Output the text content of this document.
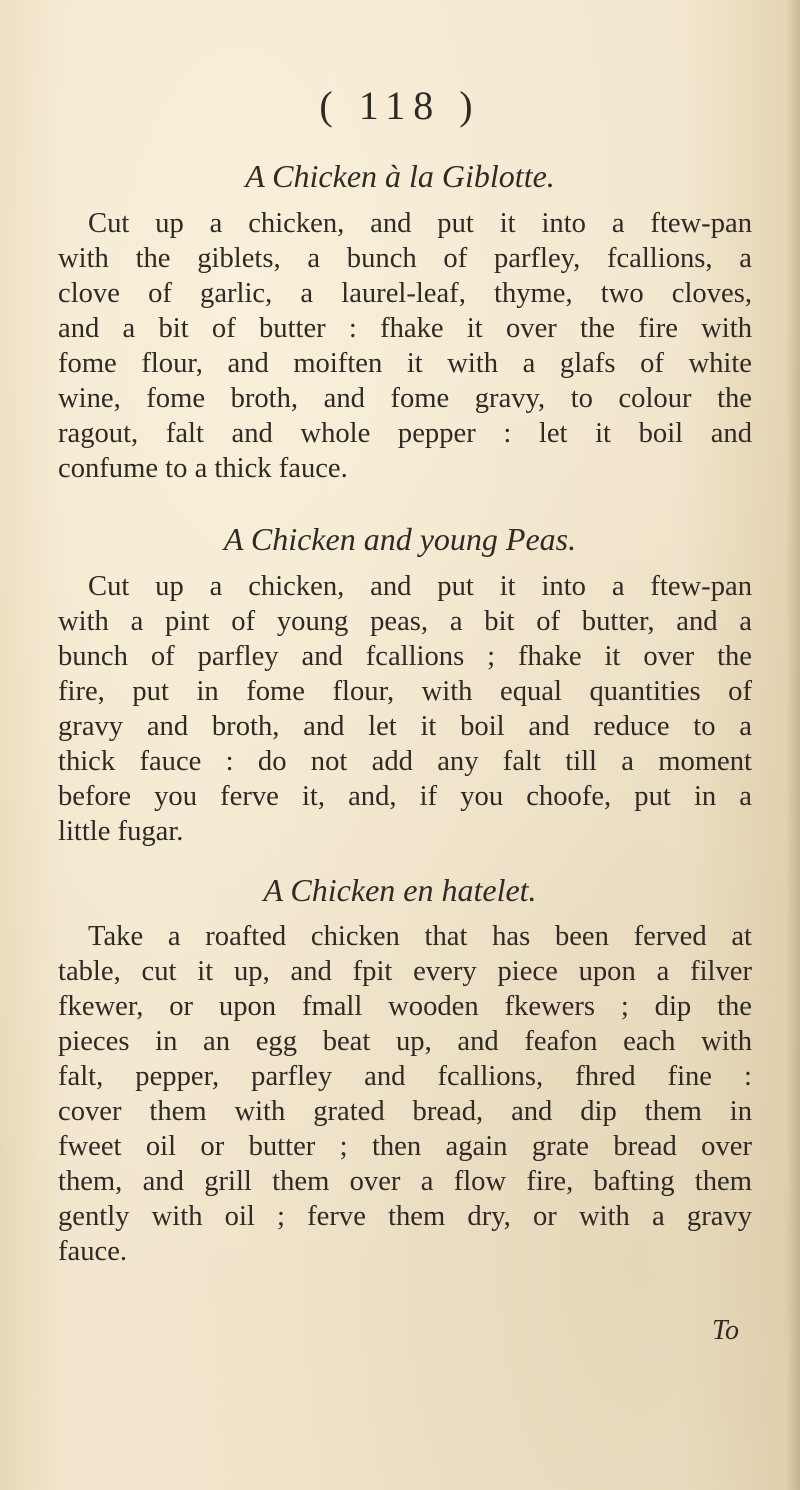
( 118 )
A Chicken à la Giblotte.
Cut up a chicken, and put it into a ftew-pan
with the giblets, a bunch of parfley, fcallions, a
clove of garlic, a laurel-leaf, thyme, two cloves,
and a bit of butter : fhake it over the fire with
fome flour, and moiften it with a glafs of white
wine, fome broth, and fome gravy, to colour the
ragout, falt and whole pepper : let it boil and
confume to a thick fauce.
A Chicken and young Peas.
Cut up a chicken, and put it into a ftew-pan
with a pint of young peas, a bit of butter, and a
bunch of parfley and fcallions ; fhake it over the
fire, put in fome flour, with equal quantities of
gravy and broth, and let it boil and reduce to a
thick fauce : do not add any falt till a moment
before you ferve it, and, if you choofe, put in a
little fugar.
A Chicken en hatelet.
Take a roafted chicken that has been ferved at
table, cut it up, and fpit every piece upon a filver
fkewer, or upon fmall wooden fkewers ; dip the
pieces in an egg beat up, and feafon each with
falt, pepper, parfley and fcallions, fhred fine :
cover them with grated bread, and dip them in
fweet oil or butter ; then again grate bread over
them, and grill them over a flow fire, bafting them
gently with oil ; ferve them dry, or with a gravy
fauce.
To
